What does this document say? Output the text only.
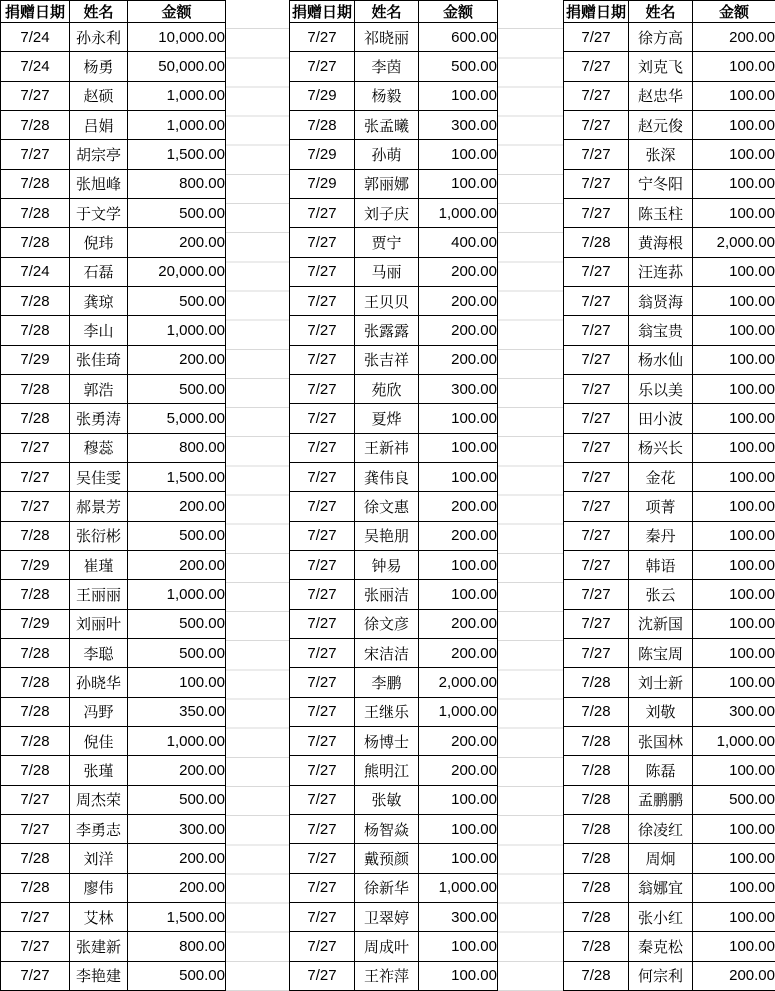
捐赠日期	姓名	金额
7/24	孙永利	10,000.00
7/24	杨勇	50,000.00
7/27	赵硕	1,000.00
7/28	吕娟	1,000.00
7/27	胡宗亭	1,500.00
7/28	张旭峰	800.00
7/28	于文学	500.00
7/28	倪玮	200.00
7/24	石磊	20,000.00
7/28	龚琼	500.00
7/28	李山	1,000.00
7/29	张佳琦	200.00
7/28	郭浩	500.00
7/28	张勇涛	5,000.00
7/27	穆蕊	800.00
7/27	吴佳雯	1,500.00
7/27	郝景芳	200.00
7/28	张衍彬	500.00
7/29	崔瑾	200.00
7/28	王丽丽	1,000.00
7/29	刘丽叶	500.00
7/28	李聪	500.00
7/28	孙晓华	100.00
7/28	冯野	350.00
7/28	倪佳	1,000.00
7/28	张瑾	200.00
7/27	周杰荣	500.00
7/27	李勇志	300.00
7/28	刘洋	200.00
7/28	廖伟	200.00
7/27	艾林	1,500.00
7/27	张建新	800.00
7/27	李艳建	500.00
捐赠日期	姓名	金额
7/27	祁晓丽	600.00
7/27	李茵	500.00
7/29	杨毅	100.00
7/28	张孟曦	300.00
7/29	孙萌	100.00
7/29	郭丽娜	100.00
7/27	刘子庆	1,000.00
7/27	贾宁	400.00
7/27	马丽	200.00
7/27	王贝贝	200.00
7/27	张露露	200.00
7/27	张吉祥	200.00
7/27	苑欣	300.00
7/27	夏烨	100.00
7/27	王新祎	100.00
7/27	龚伟良	100.00
7/27	徐文惠	200.00
7/27	吴艳朋	200.00
7/27	钟易	100.00
7/27	张丽洁	100.00
7/27	徐文彦	200.00
7/27	宋洁洁	200.00
7/27	李鹏	2,000.00
7/27	王继乐	1,000.00
7/27	杨博士	200.00
7/27	熊明江	200.00
7/27	张敏	100.00
7/27	杨智焱	100.00
7/27	戴预颜	100.00
7/27	徐新华	1,000.00
7/27	卫翠婷	300.00
7/27	周成叶	100.00
7/27	王祚萍	100.00
捐赠日期	姓名	金额
7/27	徐方高	200.00
7/27	刘克飞	100.00
7/27	赵忠华	100.00
7/27	赵元俊	100.00
7/27	张深	100.00
7/27	宁冬阳	100.00
7/27	陈玉柱	100.00
7/28	黄海根	2,000.00
7/27	汪连荪	100.00
7/27	翁贤海	100.00
7/27	翁宝贵	100.00
7/27	杨水仙	100.00
7/27	乐以美	100.00
7/27	田小波	100.00
7/27	杨兴长	100.00
7/27	金花	100.00
7/27	项菁	100.00
7/27	秦丹	100.00
7/27	韩语	100.00
7/27	张云	100.00
7/27	沈新国	100.00
7/27	陈宝周	100.00
7/28	刘士新	100.00
7/28	刘敬	300.00
7/28	张国林	1,000.00
7/28	陈磊	100.00
7/28	孟鹏鹏	500.00
7/28	徐凌红	100.00
7/28	周炯	100.00
7/28	翁娜宜	100.00
7/28	张小红	100.00
7/28	秦克松	100.00
7/28	何宗利	200.00
